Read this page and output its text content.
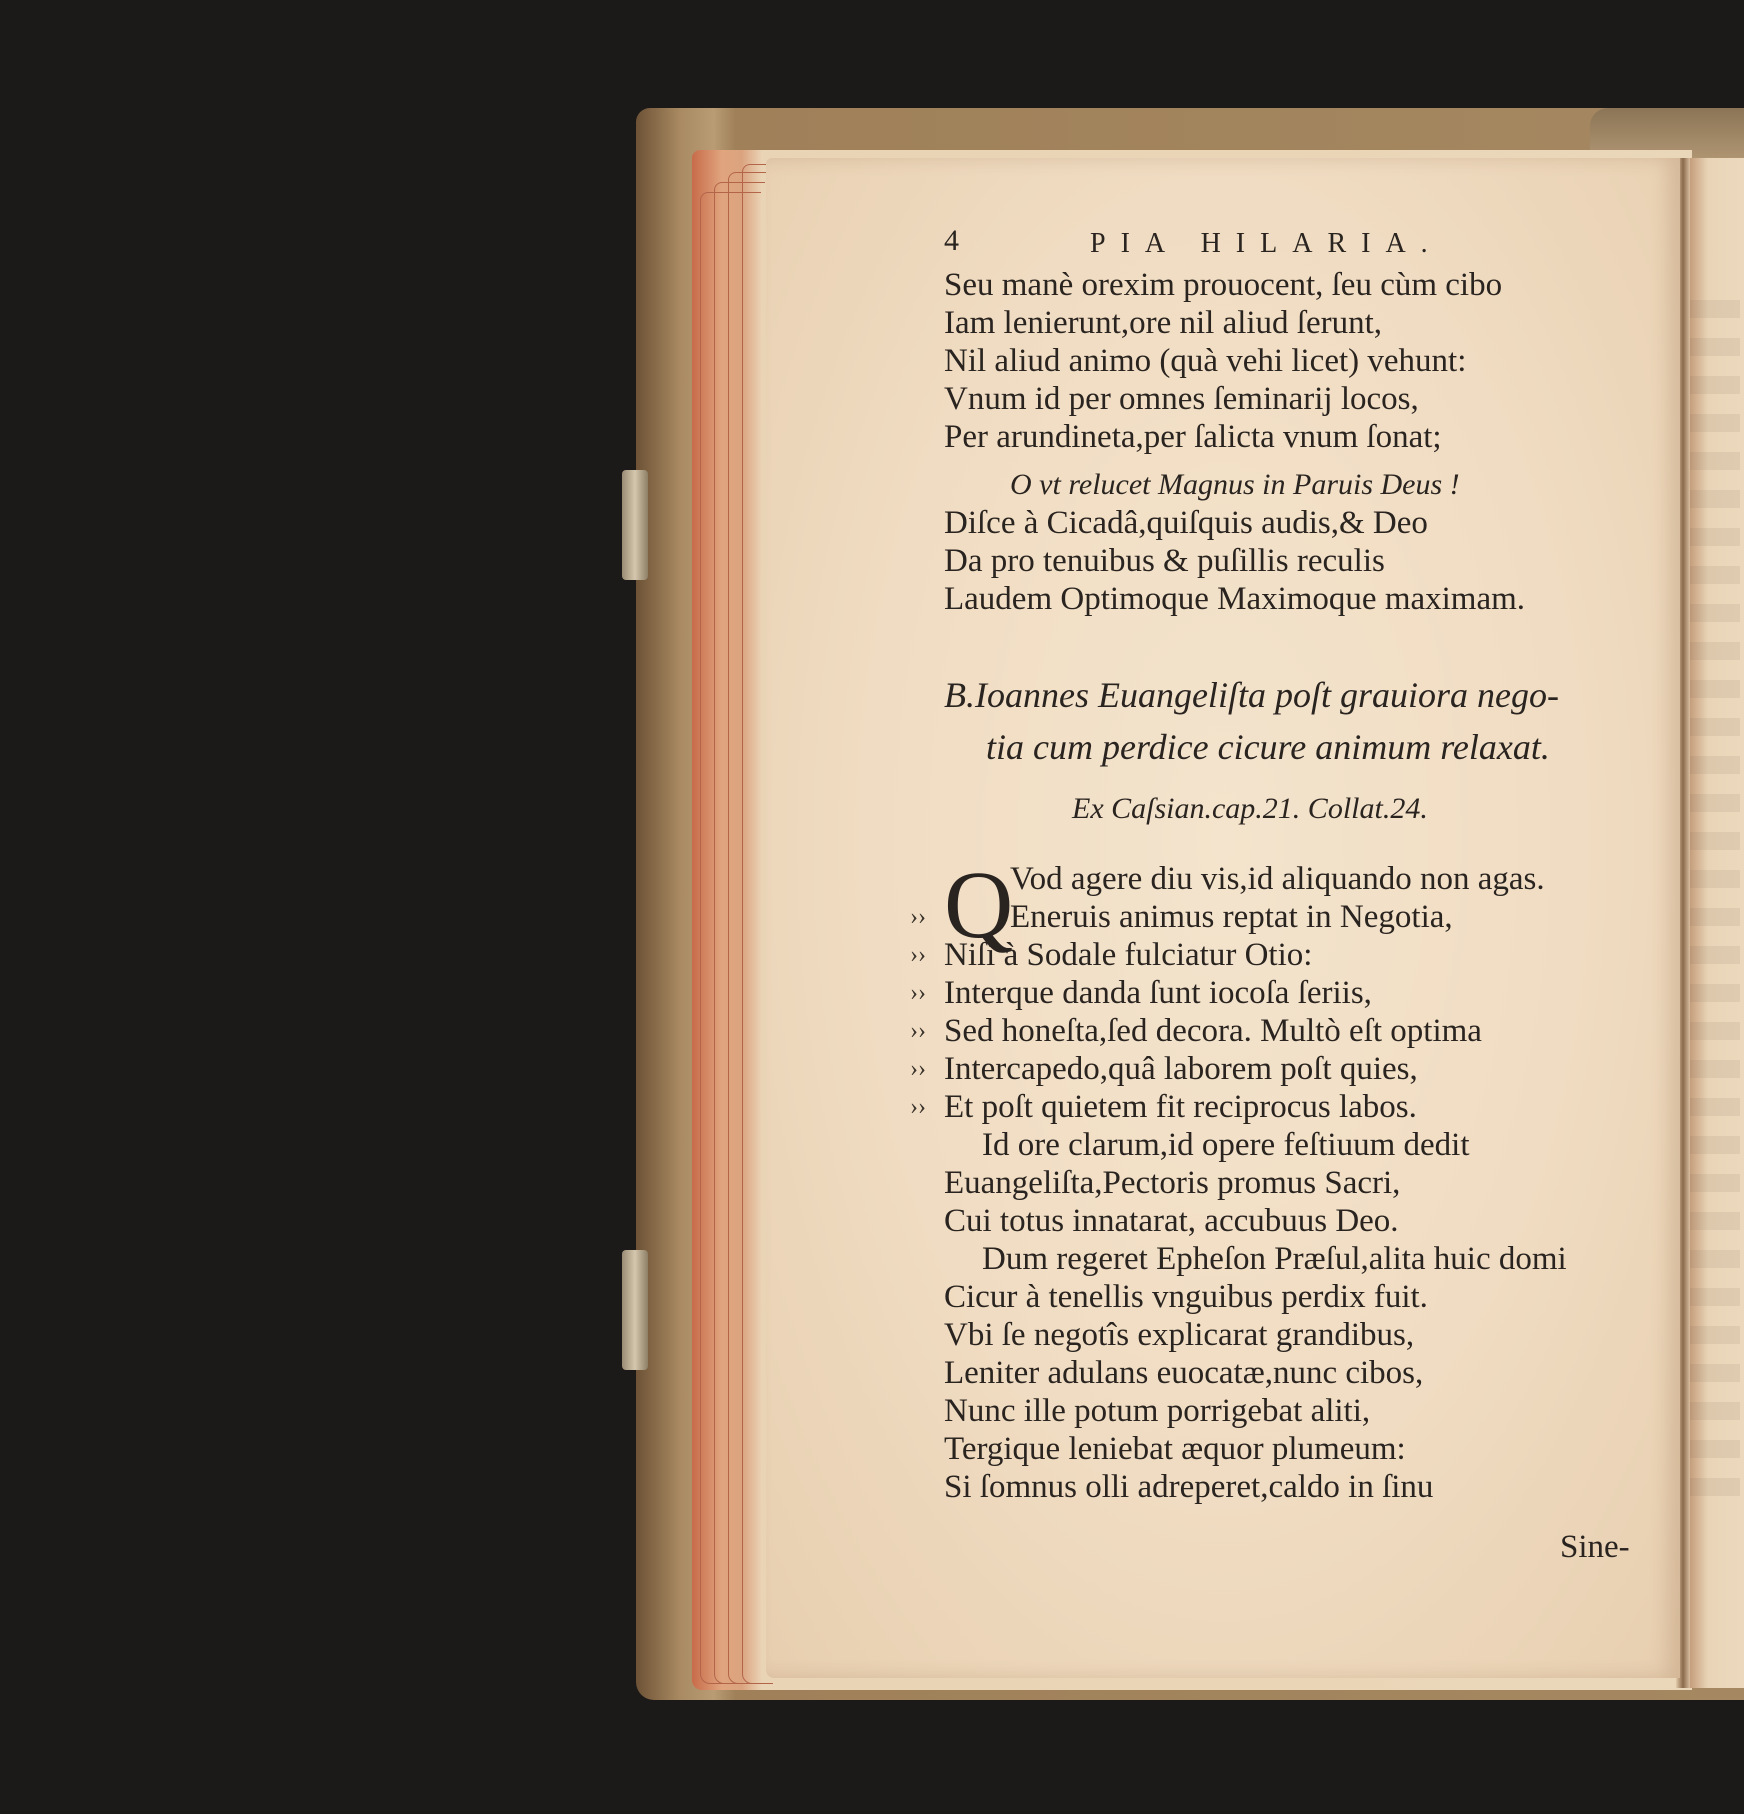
4	PIA HILARIA.
Seu manè orexim prouocent, ſeu cùm cibo
Iam lenierunt,ore nil aliud ſerunt,
Nil aliud animo (quà vehi licet) vehunt:
Vnum id per omnes ſeminarij locos,
Per arundineta,per ſalicta vnum ſonat;
O vt relucet Magnus in Paruis Deus !
Diſce à Cicadâ,quiſquis audis,& Deo
Da pro tenuibus & puſillis reculis
Laudem Optimoque Maximoque maximam.
B.Ioannes Euangeliſta poſt grauiora nego-
tia cum perdice cicure animum relaxat.
Ex Caſsian.cap.21. Collat.24.
Q
››
››
››
››
››
››
Vod agere diu vis,id aliquando non agas.
Eneruis animus reptat in Negotia,
Niſi à Sodale fulciatur Otio:
Interque danda ſunt iocoſa ſeriis,
Sed honeſta,ſed decora. Multò eſt optima
Intercapedo,quâ laborem poſt quies,
Et poſt quietem fit reciprocus labos.
Id ore clarum,id opere feſtiuum dedit
Euangeliſta,Pectoris promus Sacri,
Cui totus innatarat, accubuus Deo.
Dum regeret Epheſon Præſul,alita huic domi
Cicur à tenellis vnguibus perdix fuit.
Vbi ſe negotîs explicarat grandibus,
Leniter adulans euocatæ,nunc cibos,
Nunc ille potum porrigebat aliti,
Tergique leniebat æquor plumeum:
Si ſomnus olli adreperet,caldo in ſinu
Sine-
